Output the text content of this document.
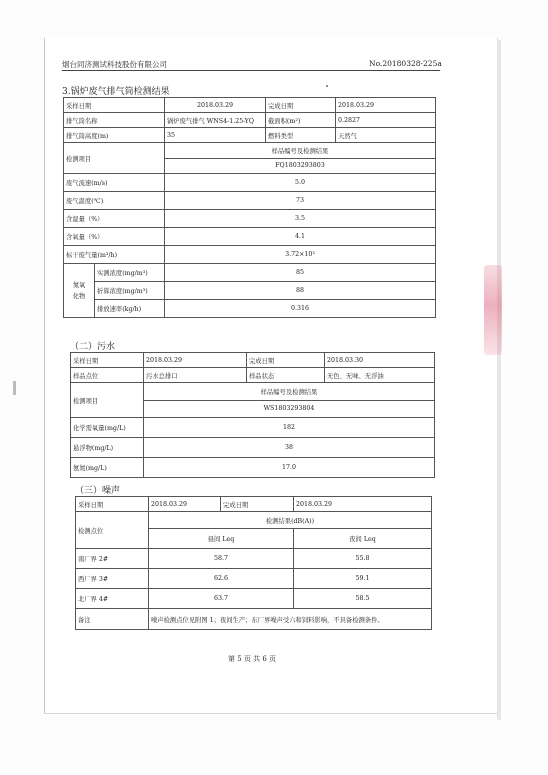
烟台同济测试科技股份有限公司	No.20180328-225a
3.锅炉废气排气筒检测结果
采样日期		2018.03.29	完成日期	2018.03.29
排气筒名称		锅炉废气排气 WNS4-1.25-YQ	截面积(m²)	0.2827
排气筒高度(m)		35	燃料类型	天然气
检测项目		样品编号及检测结果		
		FQ1803293803		
废气流速(m/s)		5.0		
废气温度(℃)		73		
含湿量（%）		3.5		
含氧量（%）		4.1		
标干废气量(m³/h)		3.72×10³		
氮氧
化物	实测浓度(mg/m³)	85		
	折算浓度(mg/m³)	88		
	排放速率(kg/h)	0.316		
（二）污水
采样日期	2018.03.29	完成日期	2018.03.30
样品点位	污水总排口	样品状态	无色、无味、无浮油
检测项目	样品编号及检测结果		
	WS1803293804		
化学需氧量(mg/L)	182		
悬浮物(mg/L)	38		
氨氮(mg/L)	17.0		
（三）噪声
采样日期	2018.03.29	完成日期	2018.03.29
检测点位	检测结果(dB(A))		
	昼间 Leq		夜间 Leq
南厂界 2#	58.7		55.8
西厂界 3#	62.6		59.1
北厂界 4#	63.7		58.5
备注	噪声检测点位见附图 1；夜间生产；东厂界噪声受六和饲料影响，不具备检测条件。		
第 5 页 共 6 页
